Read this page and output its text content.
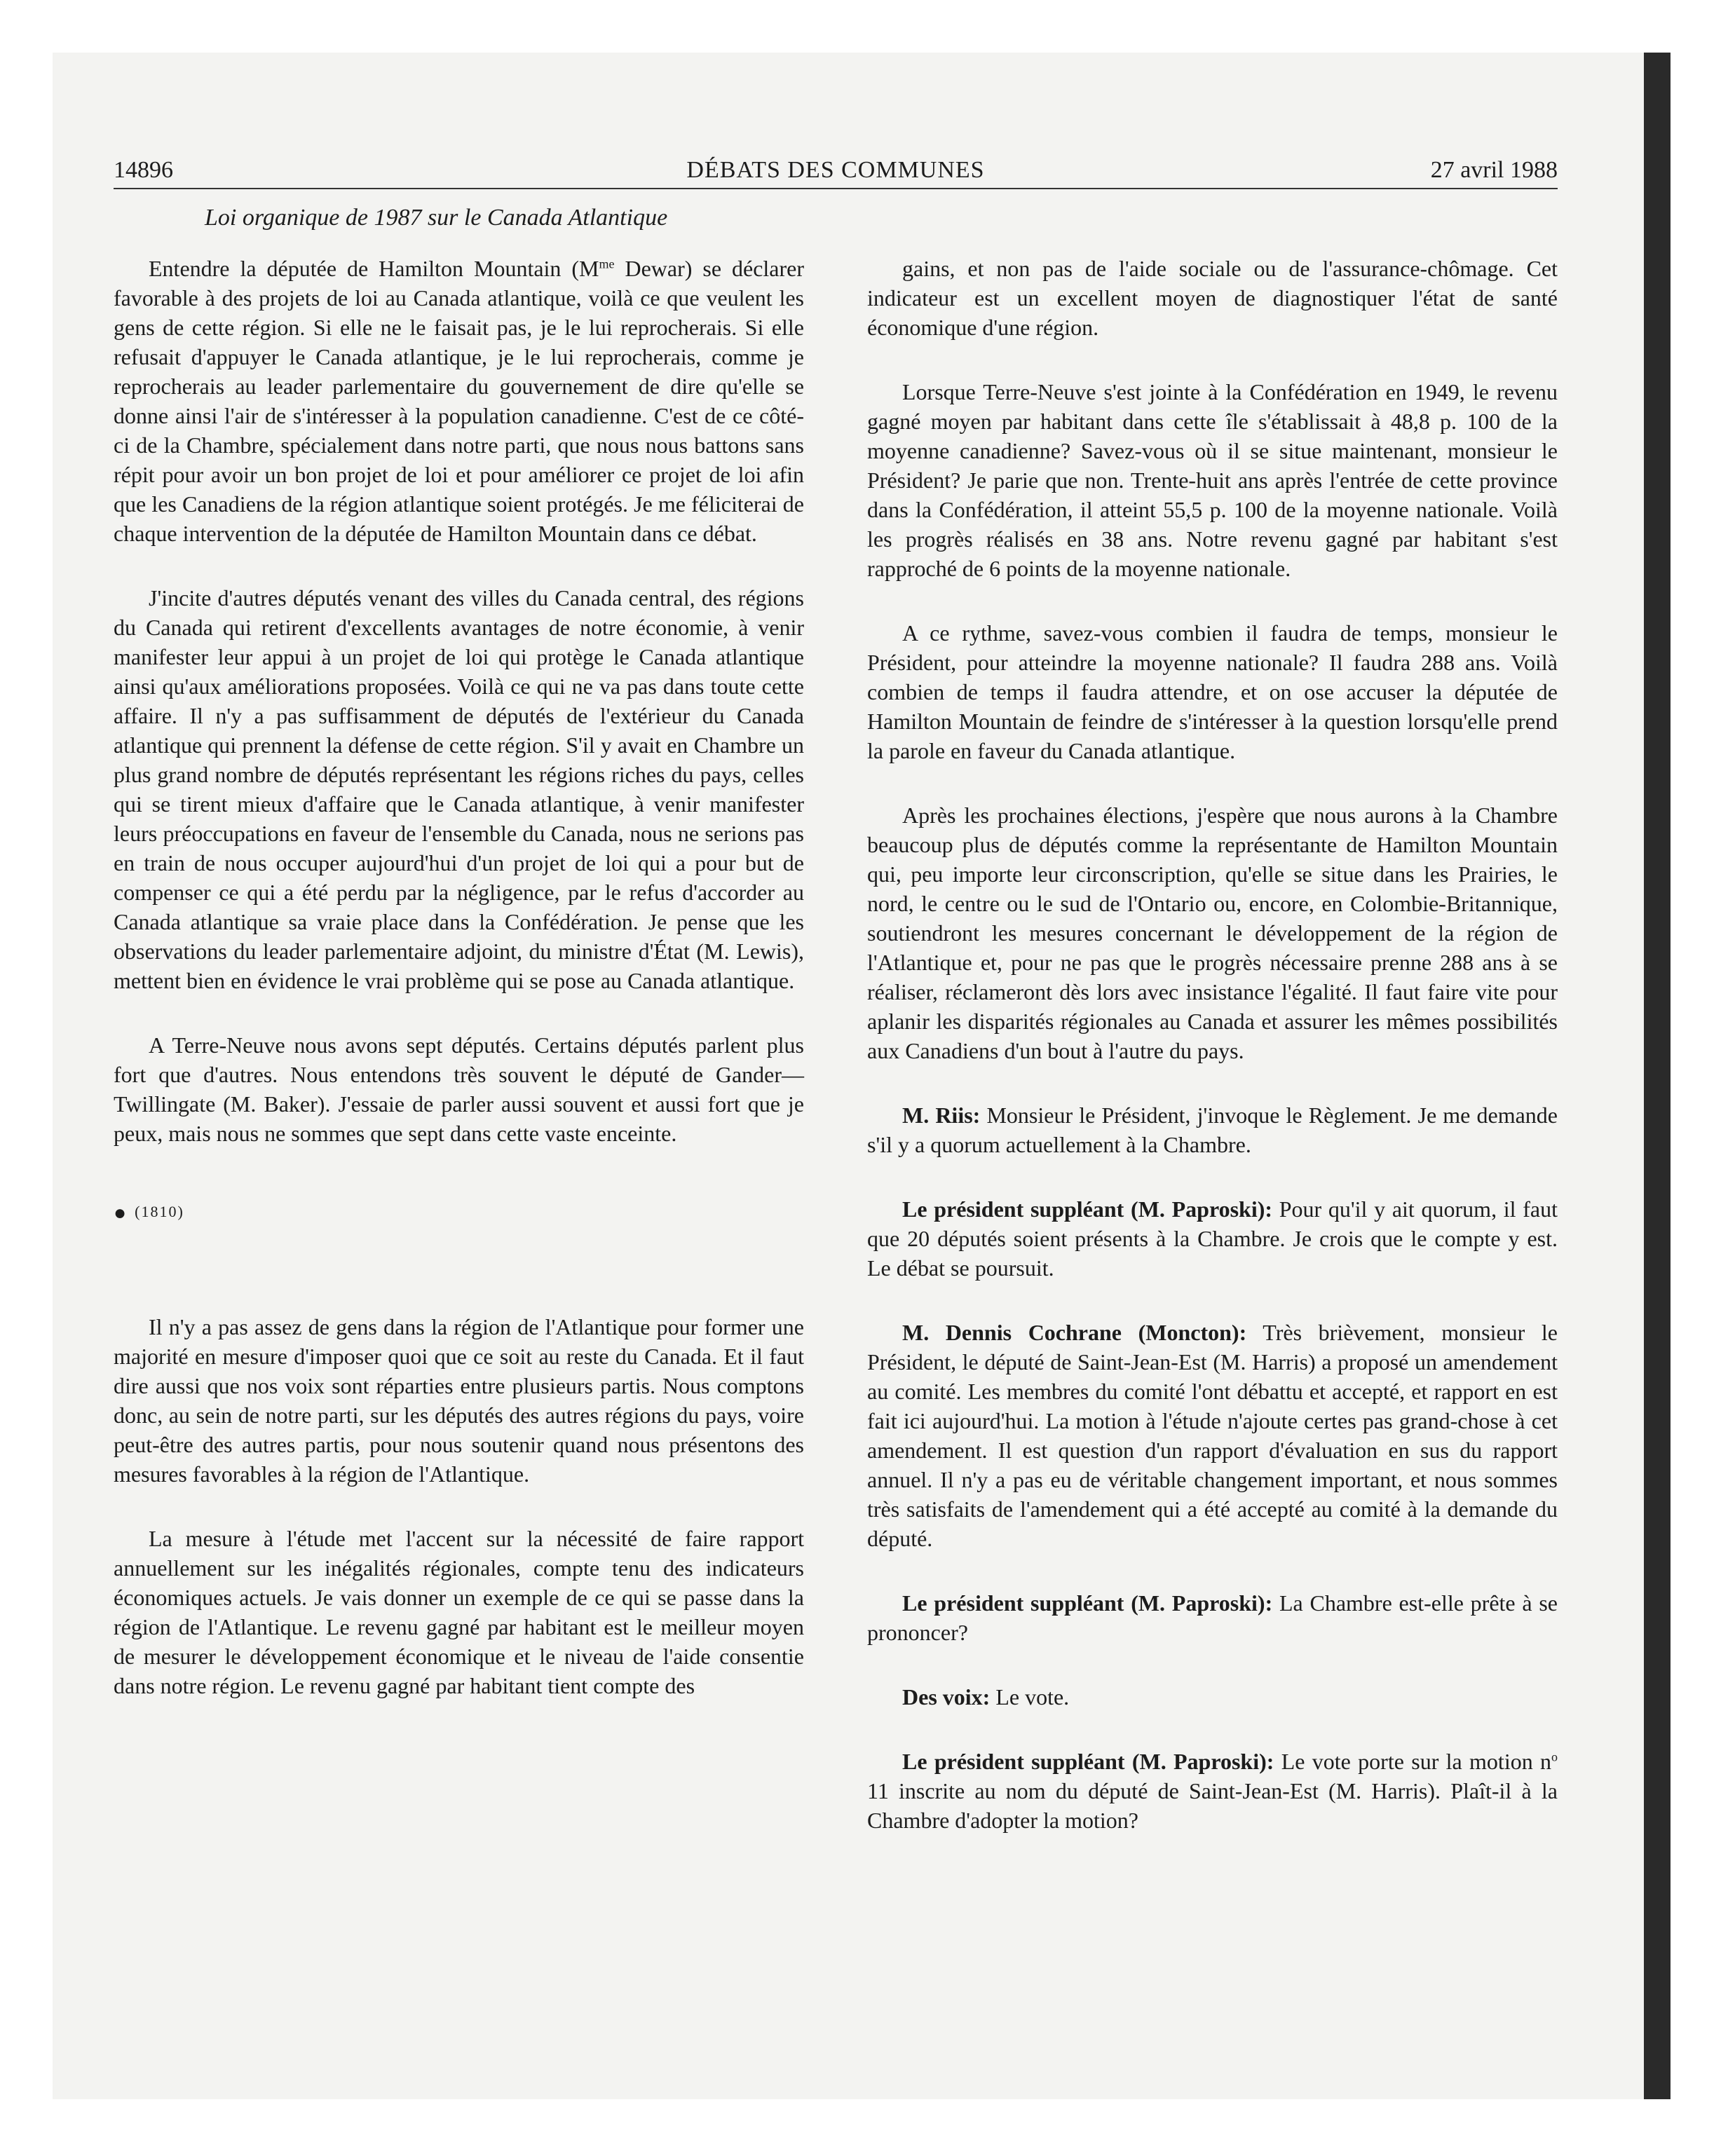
14896	DÉBATS DES COMMUNES	27 avril 1988
Loi organique de 1987 sur le Canada Atlantique

Entendre la députée de Hamilton Mountain ($M^{me}$ Dewar) se déclarer favorable à des projets de loi au Canada atlantique, voilà ce que veulent les gens de cette région. Si elle ne le faisait pas, je le lui reprocherais. Si elle refusait d'appuyer le Canada atlantique, je le lui reprocherais, comme je reprocherais au leader parlementaire du gouvernement de dire qu'elle se donne ainsi l'air de s'intéresser à la population canadienne. C'est de ce côté-ci de la Chambre, spécialement dans notre parti, que nous nous battons sans répit pour avoir un bon projet de loi et pour améliorer ce projet de loi afin que les Canadiens de la région atlantique soient protégés. Je me féliciterai de chaque intervention de la députée de Hamilton Mountain dans ce débat.

J'incite d'autres députés venant des villes du Canada central, des régions du Canada qui retirent d'excellents avantages de notre économie, à venir manifester leur appui à un projet de loi qui protège le Canada atlantique ainsi qu'aux améliorations proposées. Voilà ce qui ne va pas dans toute cette affaire. Il n'y a pas suffisamment de députés de l'extérieur du Canada atlantique qui prennent la défense de cette région. S'il y avait en Chambre un plus grand nombre de députés représentant les régions riches du pays, celles qui se tirent mieux d'affaire que le Canada atlantique, à venir manifester leurs préoccupations en faveur de l'ensemble du Canada, nous ne serions pas en train de nous occuper aujourd'hui d'un projet de loi qui a pour but de compenser ce qui a été perdu par la négligence, par le refus d'accorder au Canada atlantique sa vraie place dans la Confédération. Je pense que les observations du leader parlementaire adjoint, du ministre d'État (M. Lewis), mettent bien en évidence le vrai problème qui se pose au Canada atlantique.

A Terre-Neuve nous avons sept députés. Certains députés parlent plus fort que d'autres. Nous entendons très souvent le député de Gander—Twillingate (M. Baker). J'essaie de parler aussi souvent et aussi fort que je peux, mais nous ne sommes que sept dans cette vaste enceinte.

● (1810)

Il n'y a pas assez de gens dans la région de l'Atlantique pour former une majorité en mesure d'imposer quoi que ce soit au reste du Canada. Et il faut dire aussi que nos voix sont réparties entre plusieurs partis. Nous comptons donc, au sein de notre parti, sur les députés des autres régions du pays, voire peut-être des autres partis, pour nous soutenir quand nous présentons des mesures favorables à la région de l'Atlantique.

La mesure à l'étude met l'accent sur la nécessité de faire rapport annuellement sur les inégalités régionales, compte tenu des indicateurs économiques actuels. Je vais donner un exemple de ce qui se passe dans la région de l'Atlantique. Le revenu gagné par habitant est le meilleur moyen de mesurer le développement économique et le niveau de l'aide consentie dans notre région. Le revenu gagné par habitant tient compte des

gains, et non pas de l'aide sociale ou de l'assurance-chômage. Cet indicateur est un excellent moyen de diagnostiquer l'état de santé économique d'une région.

Lorsque Terre-Neuve s'est jointe à la Confédération en 1949, le revenu gagné moyen par habitant dans cette île s'établissait à 48,8 p. 100 de la moyenne canadienne? Savez-vous où il se situe maintenant, monsieur le Président? Je parie que non. Trente-huit ans après l'entrée de cette province dans la Confédération, il atteint 55,5 p. 100 de la moyenne nationale. Voilà les progrès réalisés en 38 ans. Notre revenu gagné par habitant s'est rapproché de 6 points de la moyenne nationale.

A ce rythme, savez-vous combien il faudra de temps, monsieur le Président, pour atteindre la moyenne nationale? Il faudra 288 ans. Voilà combien de temps il faudra attendre, et on ose accuser la députée de Hamilton Mountain de feindre de s'intéresser à la question lorsqu'elle prend la parole en faveur du Canada atlantique.

Après les prochaines élections, j'espère que nous aurons à la Chambre beaucoup plus de députés comme la représentante de Hamilton Mountain qui, peu importe leur circonscription, qu'elle se situe dans les Prairies, le nord, le centre ou le sud de l'Ontario ou, encore, en Colombie-Britannique, soutiendront les mesures concernant le développement de la région de l'Atlantique et, pour ne pas que le progrès nécessaire prenne 288 ans à se réaliser, réclameront dès lors avec insistance l'égalité. Il faut faire vite pour aplanir les disparités régionales au Canada et assurer les mêmes possibilités aux Canadiens d'un bout à l'autre du pays.

M. Riis: Monsieur le Président, j'invoque le Règlement. Je me demande s'il y a quorum actuellement à la Chambre.

Le président suppléant (M. Paproski): Pour qu'il y ait quorum, il faut que 20 députés soient présents à la Chambre. Je crois que le compte y est. Le débat se poursuit.

M. Dennis Cochrane (Moncton): Très brièvement, monsieur le Président, le député de Saint-Jean-Est (M. Harris) a proposé un amendement au comité. Les membres du comité l'ont débattu et accepté, et rapport en est fait ici aujourd'hui. La motion à l'étude n'ajoute certes pas grand-chose à cet amendement. Il est question d'un rapport d'évaluation en sus du rapport annuel. Il n'y a pas eu de véritable changement important, et nous sommes très satisfaits de l'amendement qui a été accepté au comité à la demande du député.

Le président suppléant (M. Paproski): La Chambre est-elle prête à se prononcer?

Des voix: Le vote.

Le président suppléant (M. Paproski): Le vote porte sur la motion $n^o$ 11 inscrite au nom du député de Saint-Jean-Est (M. Harris). Plaît-il à la Chambre d'adopter la motion?
